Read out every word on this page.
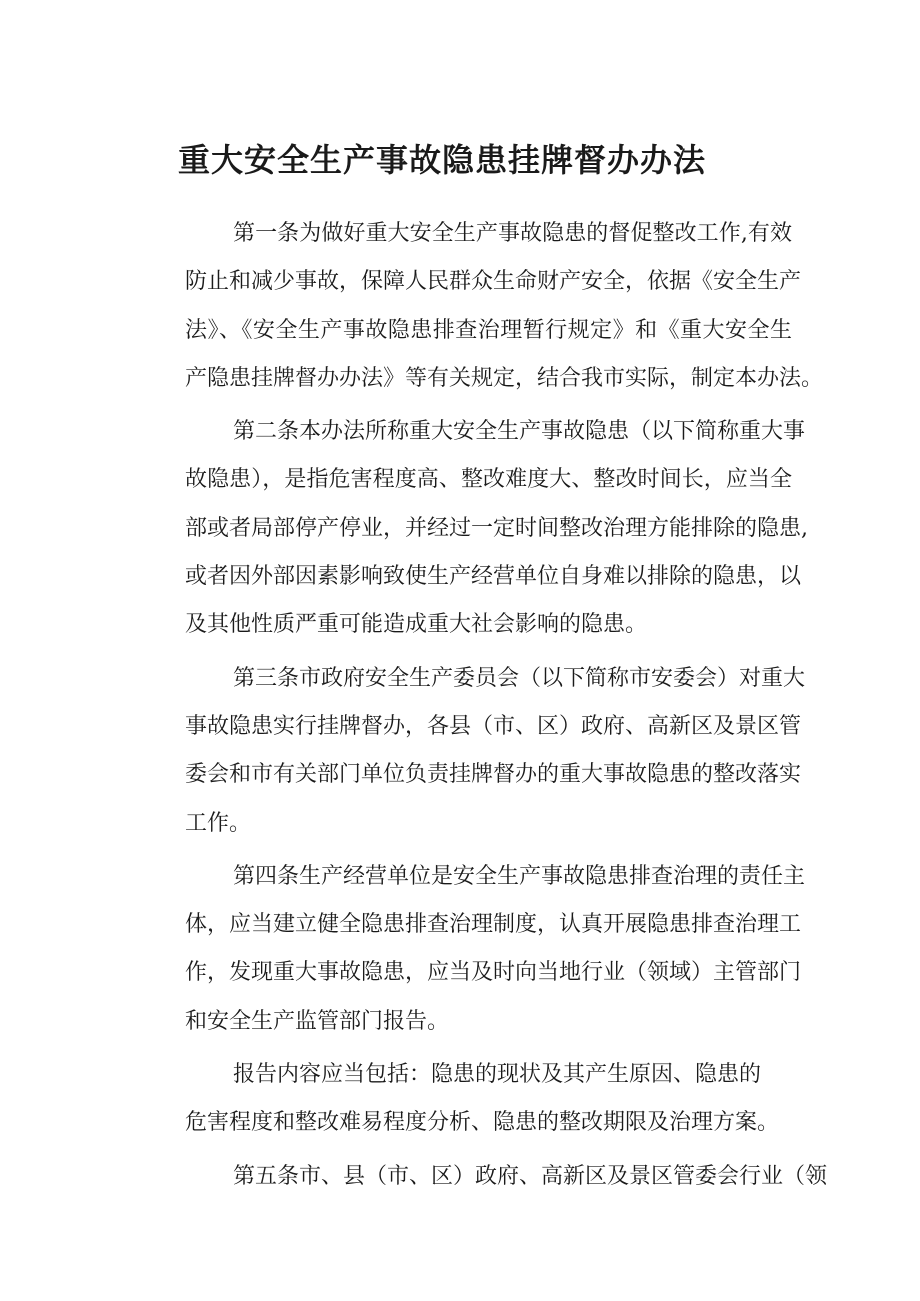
重大安全生产事故隐患挂牌督办办法
第一条为做好重大安全生产事故隐患的督促整改工作,有效
防止和减少事故，保障人民群众生命财产安全，依据《安全生产
法》、《安全生产事故隐患排查治理暂行规定》和《重大安全生
产隐患挂牌督办办法》等有关规定，结合我市实际，制定本办法。
第二条本办法所称重大安全生产事故隐患（以下简称重大事
故隐患），是指危害程度高、整改难度大、整改时间长，应当全
部或者局部停产停业，并经过一定时间整改治理方能排除的隐患,
或者因外部因素影响致使生产经营单位自身难以排除的隐患，以
及其他性质严重可能造成重大社会影响的隐患。
第三条市政府安全生产委员会（以下简称市安委会）对重大
事故隐患实行挂牌督办，各县（市、区）政府、高新区及景区管
委会和市有关部门单位负责挂牌督办的重大事故隐患的整改落实
工作。
第四条生产经营单位是安全生产事故隐患排查治理的责任主
体，应当建立健全隐患排查治理制度，认真开展隐患排查治理工
作，发现重大事故隐患，应当及时向当地行业（领域）主管部门
和安全生产监管部门报告。
报告内容应当包括：隐患的现状及其产生原因、隐患的
危害程度和整改难易程度分析、隐患的整改期限及治理方案。
第五条市、县（市、区）政府、高新区及景区管委会行业（领
